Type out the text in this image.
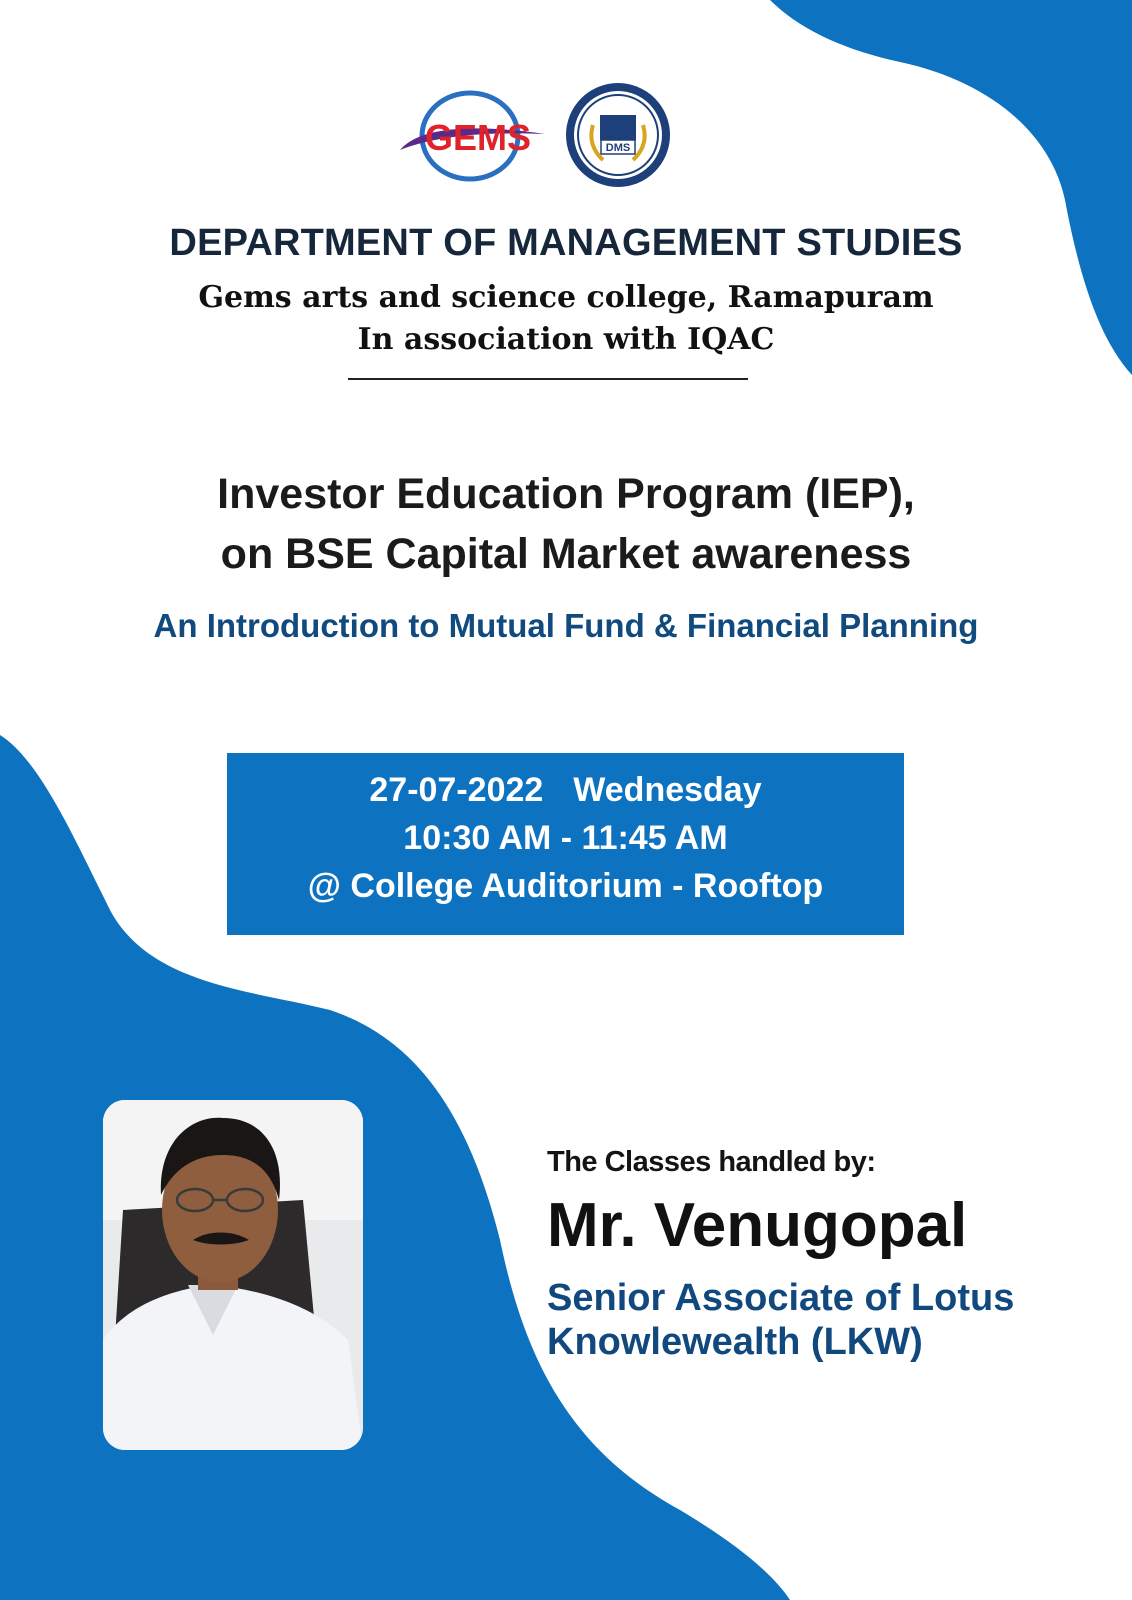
GEMS	DMS
DEPARTMENT OF MANAGEMENT STUDIES
Gems arts and science college, Ramapuram
In association with IQAC
Investor Education Program (IEP),
on BSE Capital Market awareness
An Introduction to Mutual Fund & Financial Planning
27-07-2022 Wednesday
10:30 AM - 11:45 AM
@ College Auditorium - Rooftop
The Classes handled by:
Mr. Venugopal
Senior Associate of Lotus
Knowlewealth (LKW)
